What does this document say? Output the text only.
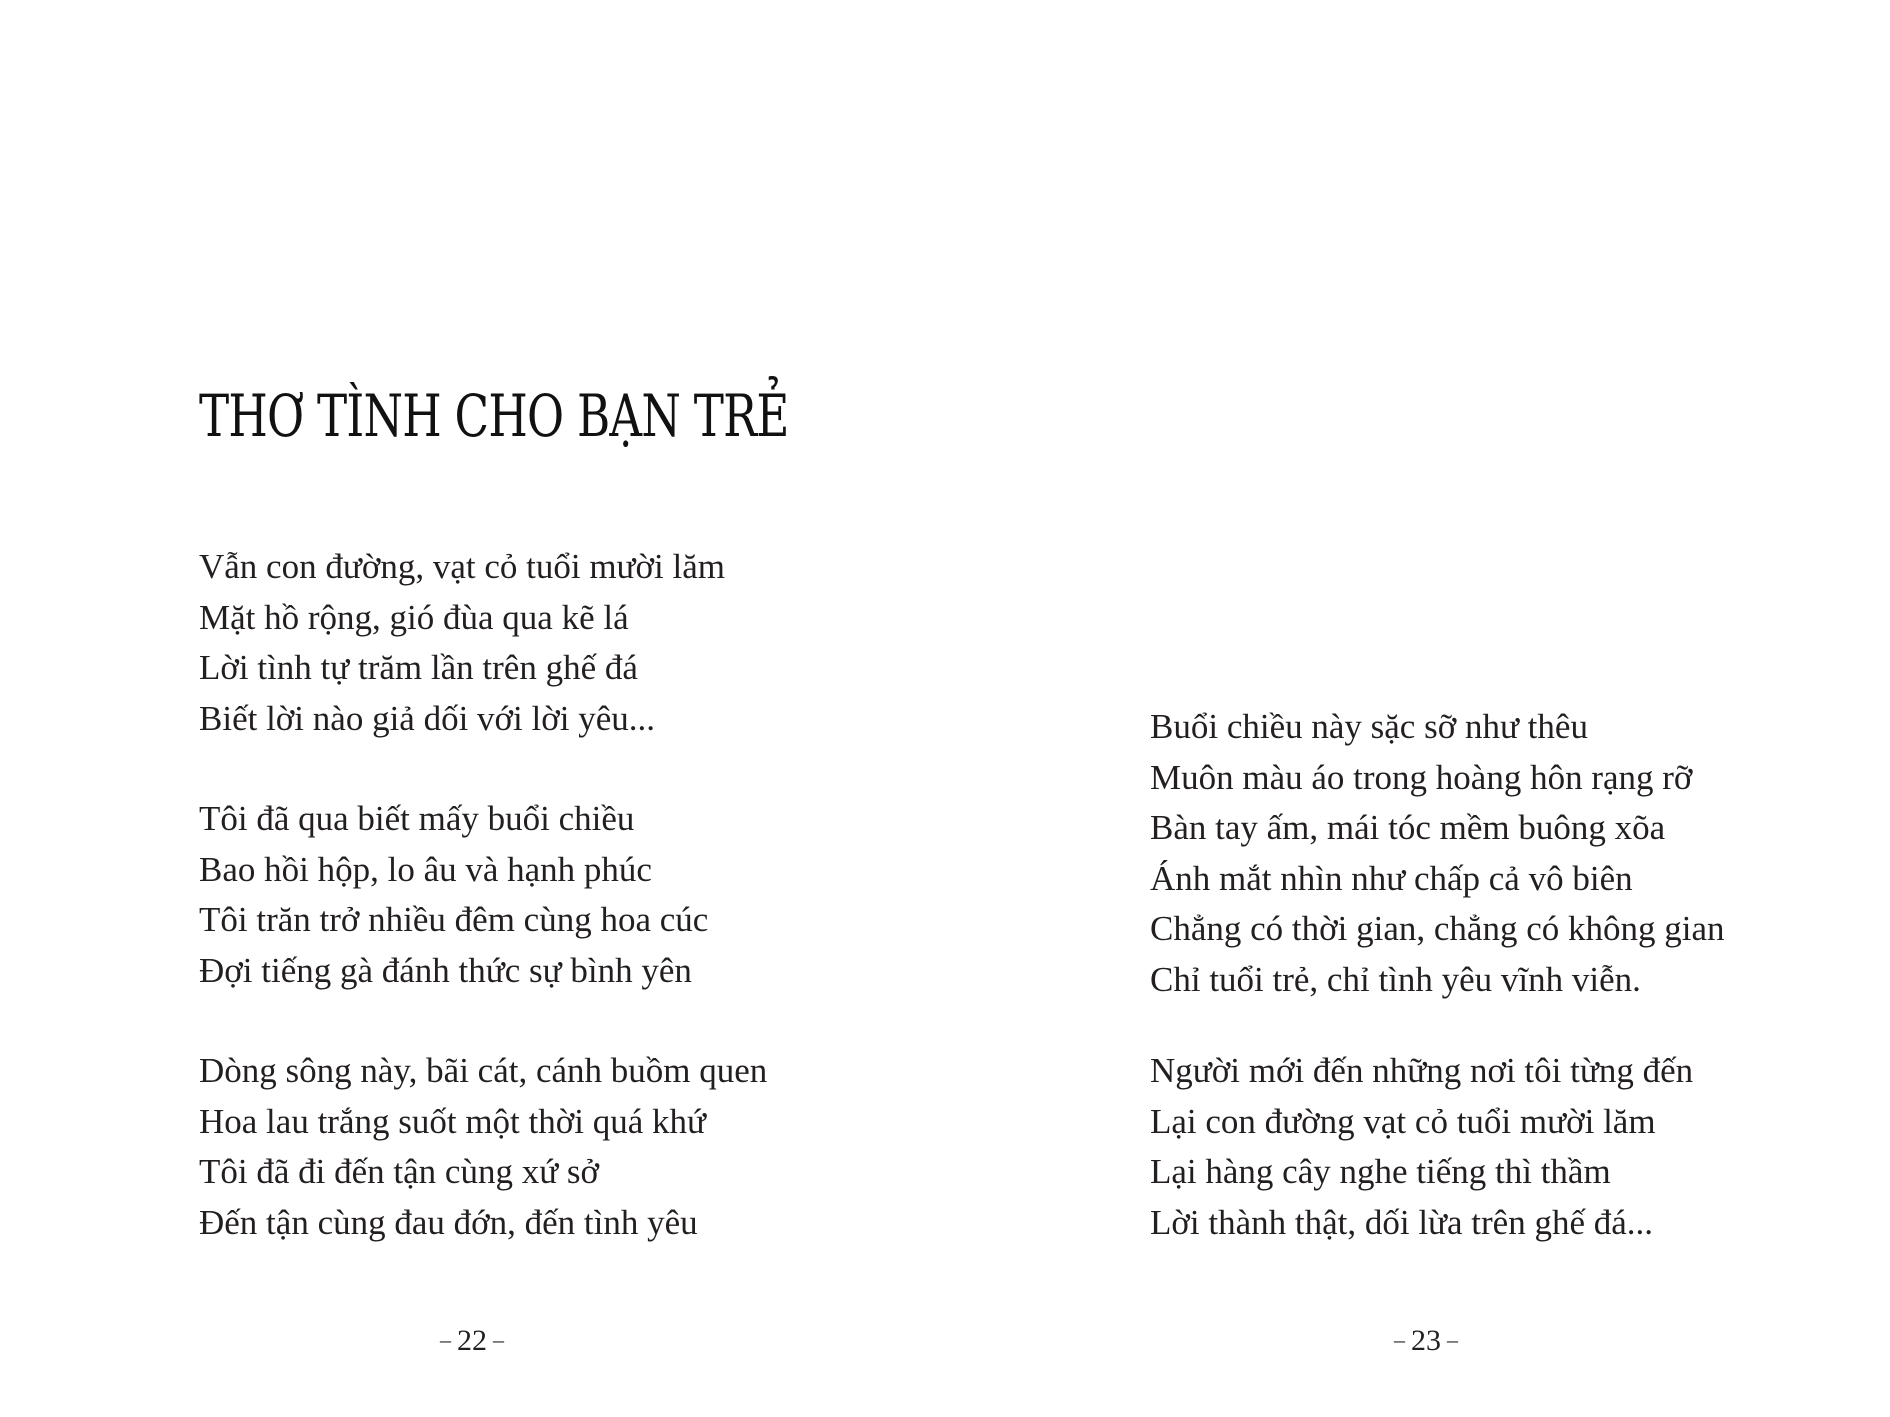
THƠ TÌNH CHO BẠN TRẺ
Vẫn con đường, vạt cỏ tuổi mười lăm
Mặt hồ rộng, gió đùa qua kẽ lá
Lời tình tự trăm lần trên ghế đá
Biết lời nào giả dối với lời yêu...
Tôi đã qua biết mấy buổi chiều
Bao hồi hộp, lo âu và hạnh phúc
Tôi trăn trở nhiều đêm cùng hoa cúc
Đợi tiếng gà đánh thức sự bình yên
Dòng sông này, bãi cát, cánh buồm quen
Hoa lau trắng suốt một thời quá khứ
Tôi đã đi đến tận cùng xứ sở
Đến tận cùng đau đớn, đến tình yêu
– 22 –
Buổi chiều này sặc sỡ như thêu
Muôn màu áo trong hoàng hôn rạng rỡ
Bàn tay ấm, mái tóc mềm buông xõa
Ánh mắt nhìn như chấp cả vô biên
Chẳng có thời gian, chẳng có không gian
Chỉ tuổi trẻ, chỉ tình yêu vĩnh viễn.
Người mới đến những nơi tôi từng đến
Lại con đường vạt cỏ tuổi mười lăm
Lại hàng cây nghe tiếng thì thầm
Lời thành thật, dối lừa trên ghế đá...
– 23 –
